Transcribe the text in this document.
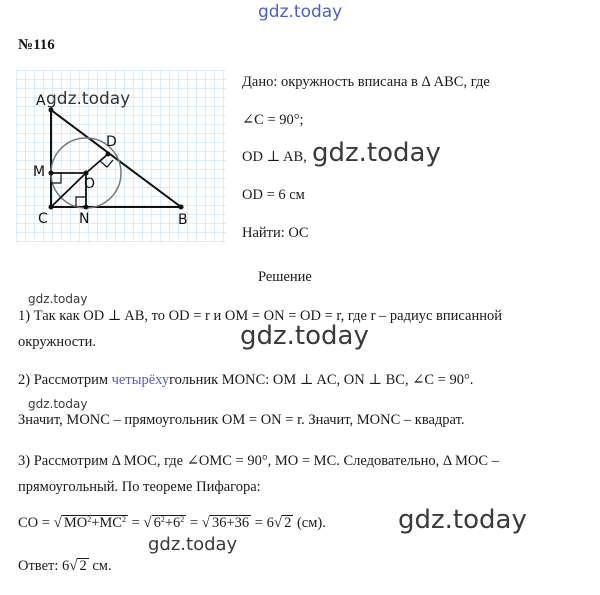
gdz.today
№116
A
B
C
D
M
N
O
gdz.today
Дано: окружность вписана в Δ ABC, где
∠C = 90°;
OD ⊥ AB, gdz.today
OD = 6 см
Найти: OC
Решение
gdz.today
1) Так как OD ⊥ AB, то OD = r и OM = ON = OD = r, где r – радиус вписанной
окружности.	gdz.today
2) Рассмотрим четырёхугольник MONC: OM ⊥ AC, ON ⊥ BC, ∠C = 90°.
gdz.today
Значит, MONC – прямоугольник OM = ON = r. Значит, MONC – квадрат.
3) Рассмотрим Δ MOC, где ∠OMC = 90°, MO = MC. Следовательно, Δ MOC –
прямоугольный. По теореме Пифагора:
CO = √ $MO^2+MC^2$ = √ $6^2+6^2$ = √ 36+36 = 6√ 2 (см).	gdz.today
gdz.today
Ответ: 6√ 2 см.
